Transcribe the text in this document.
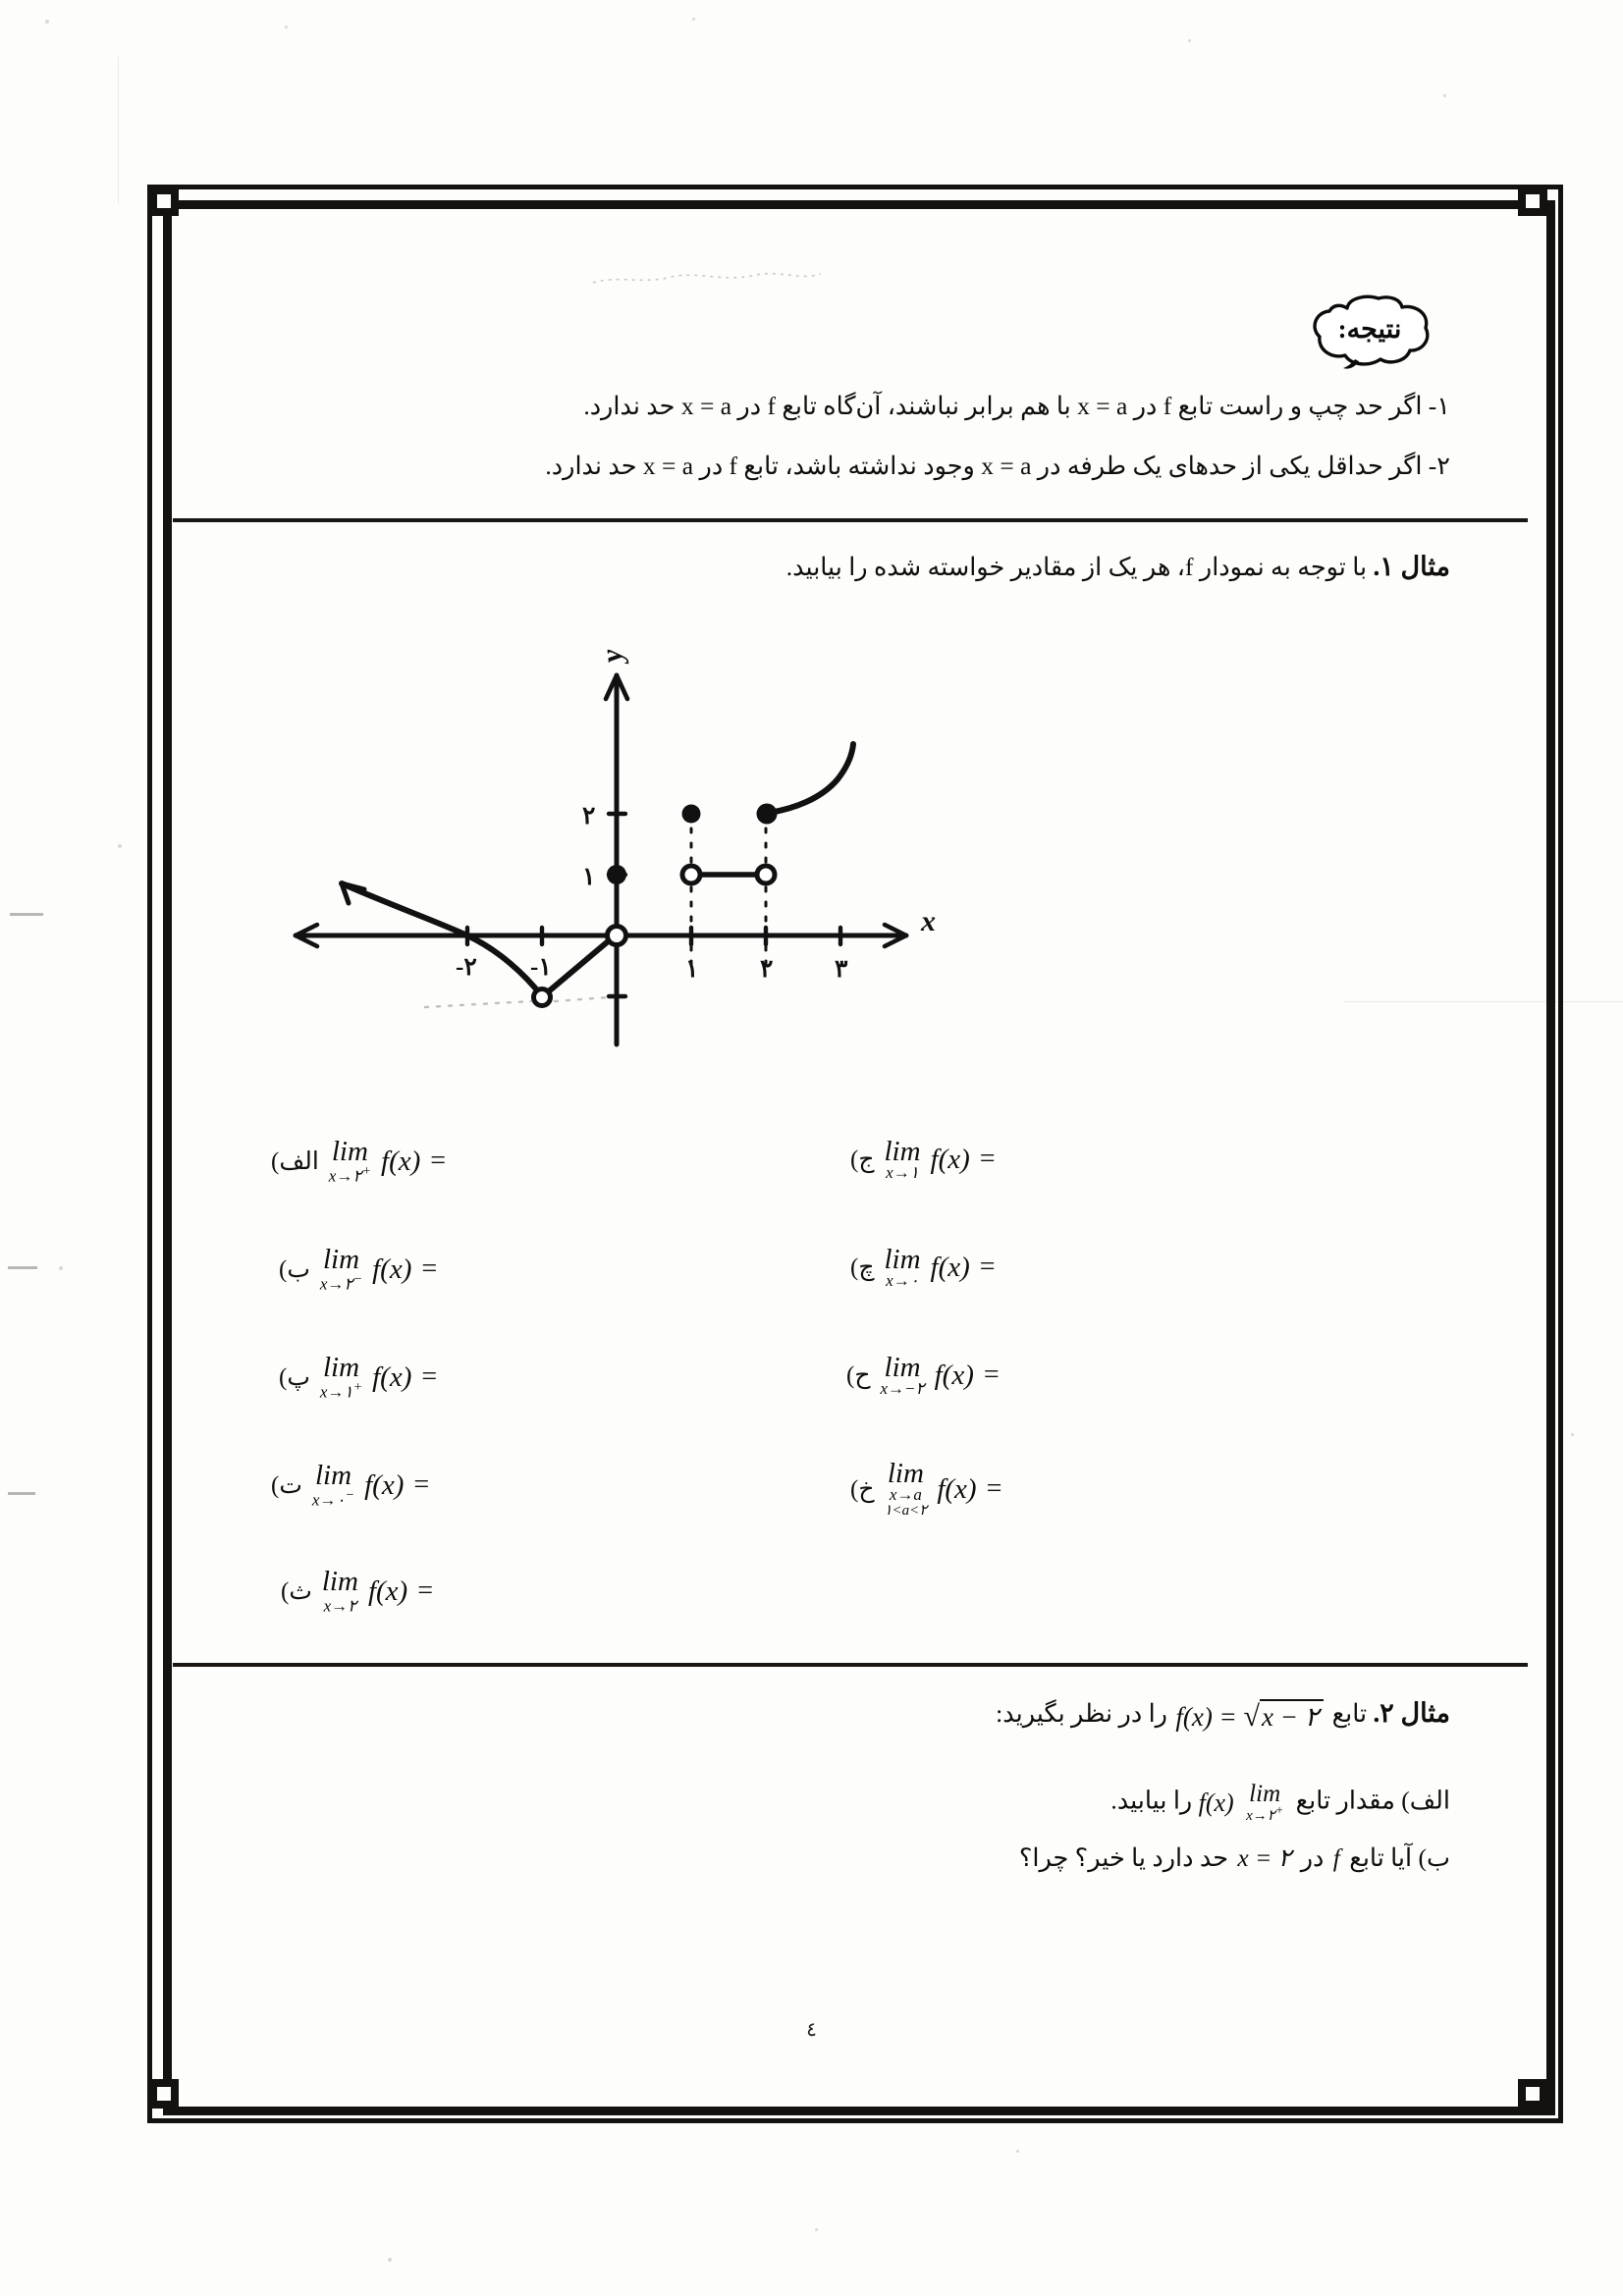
نتیجه:
۱- اگر حد چپ و راست تابع f در x = a با هم برابر نباشند، آن‌گاه تابع f در x = a حد ندارد.
۲- اگر حداقل یکی از حدهای یک طرفه در x = a وجود نداشته باشد، تابع f در x = a حد ندارد.
مثال ۱. با توجه به نمودار f، هر یک از مقادیر خواسته شده را بیابید.
x
y
-۲ -۱	۱	۲	۳
۱
۲
الف) lim
x→۲+ f(x) =
ب) lim
x→۲− f(x) =
پ) lim
x→۱+ f(x) =
ت) lim
x→۰− f(x) =
ث) lim
x→۲ f(x) =
ج) lim
x→۱ f(x) =
چ) lim
x→۰ f(x) =
ح) lim
x→−۲ f(x) =
خ)
lim
x→a
۱<a<۲
f(x) =
مثال ۲. تابع f(x) = √x − ۲ را در نظر بگیرید:
الف) مقدار تابع
lim
x→۲+
f(x) را بیابید.
ب) آیا تابع f در x = ۲ حد دارد یا خیر؟ چرا؟
٤
